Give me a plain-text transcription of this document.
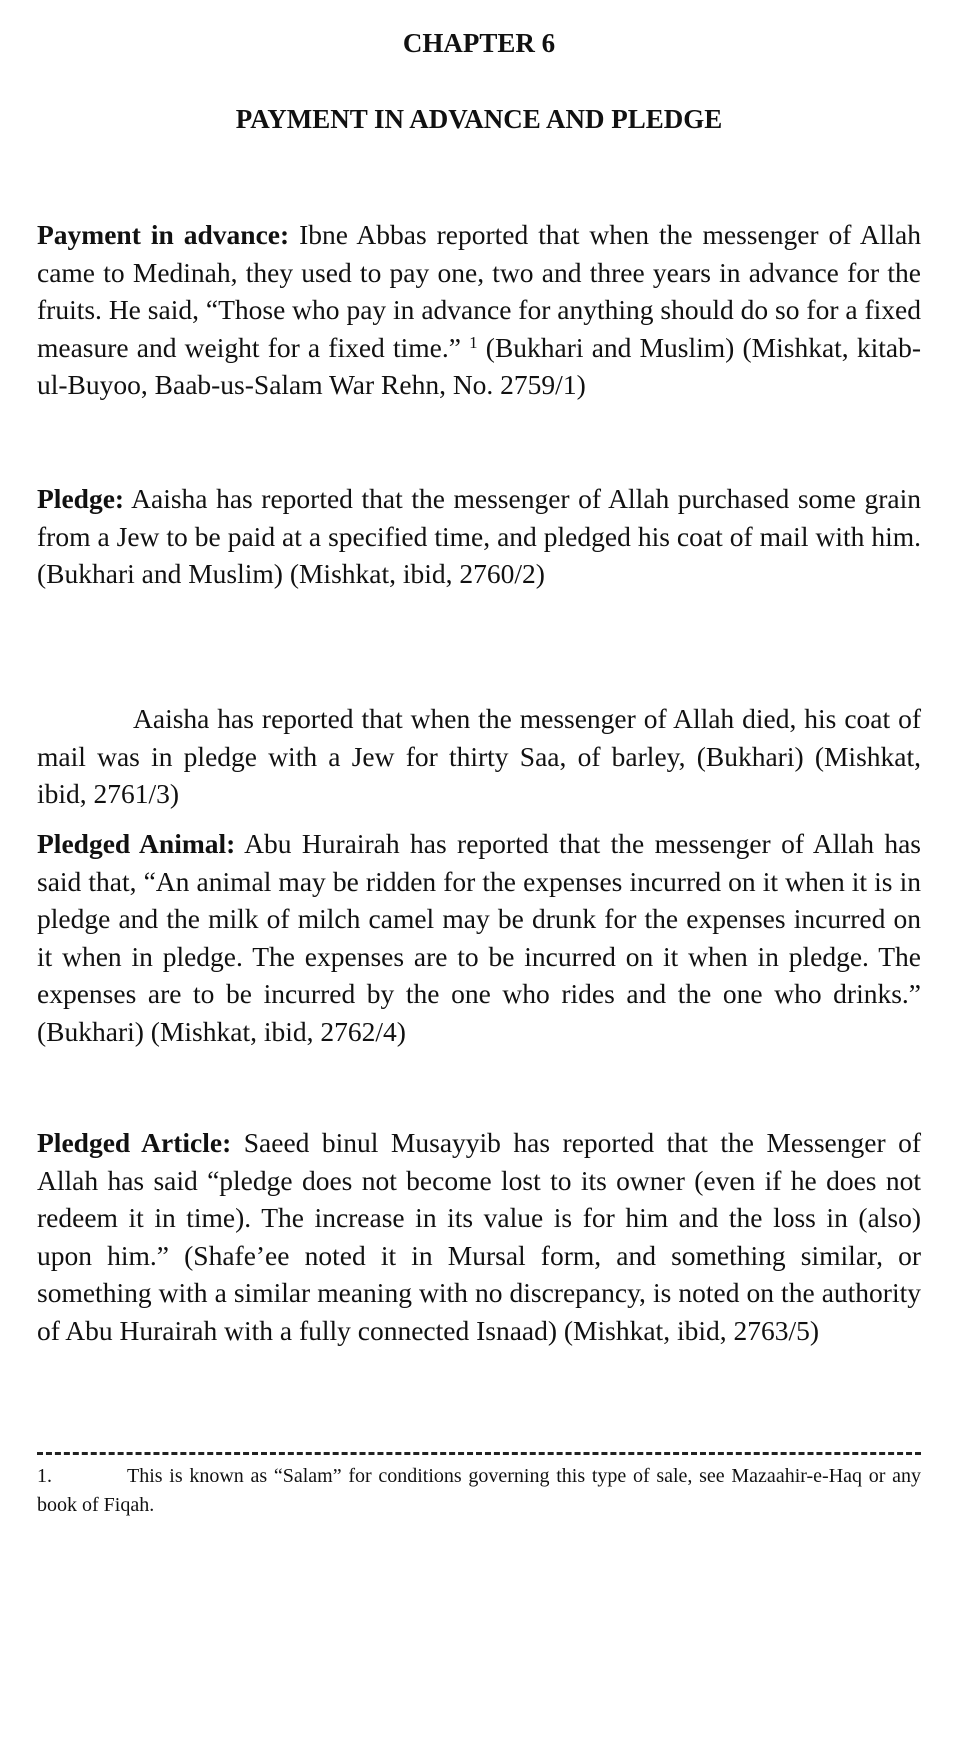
CHAPTER 6
PAYMENT IN ADVANCE AND PLEDGE

Payment in advance: Ibne Abbas reported that when the messenger of Allah came to Medinah, they used to pay one, two and three years in advance for the fruits. He said, “Those who pay in advance for anything should do so for a fixed measure and weight for a fixed time.” $^1$ (Bukhari and Muslim) (Mishkat, kitab-ul-Buyoo, Baab-us-Salam War Rehn, No. 2759/1)

Pledge: Aaisha has reported that the messenger of Allah purchased some grain from a Jew to be paid at a specified time, and pledged his coat of mail with him. (Bukhari and Muslim) (Mishkat, ibid, 2760/2)

Aaisha has reported that when the messenger of Allah died, his coat of mail was in pledge with a Jew for thirty Saa, of barley, (Bukhari) (Mishkat, ibid, 2761/3)

Pledged Animal: Abu Hurairah has reported that the messenger of Allah has said that, “An animal may be ridden for the expenses incurred on it when it is in pledge and the milk of milch camel may be drunk for the expenses incurred on it when in pledge. The expenses are to be incurred on it when in pledge. The expenses are to be incurred by the one who rides and the one who drinks.” (Bukhari) (Mishkat, ibid, 2762/4)

Pledged Article: Saeed binul Musayyib has reported that the Messenger of Allah has said “pledge does not become lost to its owner (even if he does not redeem it in time). The increase in its value is for him and the loss in (also) upon him.” (Shafe’ee noted it in Mursal form, and something similar, or something with a similar meaning with no discrepancy, is noted on the authority of Abu Hurairah with a fully connected Isnaad) (Mishkat, ibid, 2763/5)

1.	This is known as “Salam” for conditions governing this type of sale, see Mazaahir-e-Haq or any book of Fiqah.
